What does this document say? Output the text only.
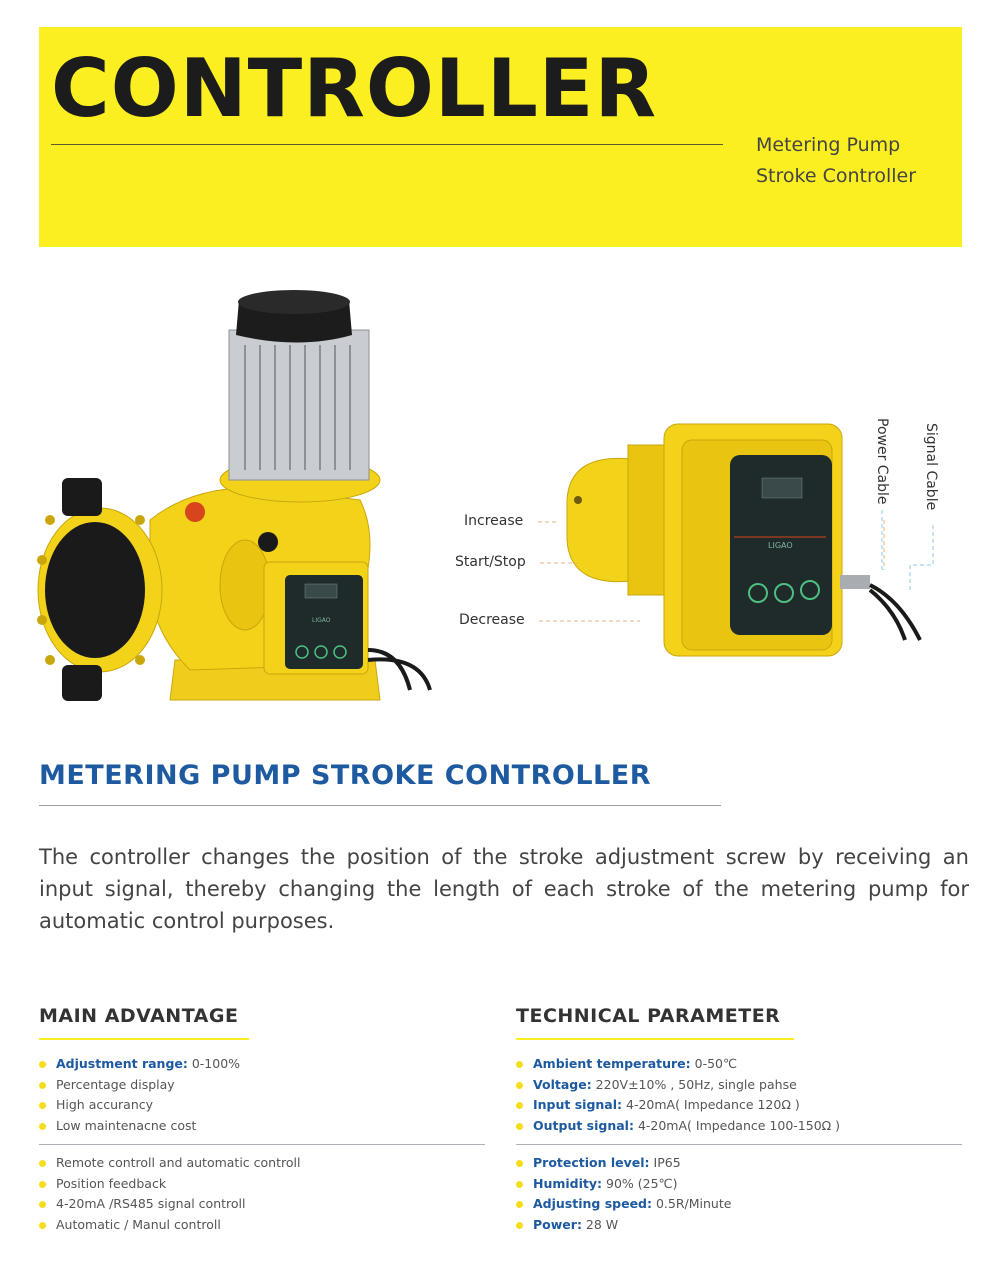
CONTROLLER
Metering Pump
Stroke Controller
LIGAO
LIGAO
Increase
Start/Stop
Decrease
Power Cable Signal Cable
METERING PUMP STROKE CONTROLLER
The controller changes the position of the stroke adjustment screw by receiving an input signal, thereby changing the length of each stroke of the metering pump for automatic control purposes.
MAIN ADVANTAGE
Adjustment range: 0-100%
Percentage display
High accurancy
Low maintenacne cost
Remote controll and automatic controll
Position feedback
4-20mA /RS485 signal controll
Automatic / Manul controll
TECHNICAL PARAMETER
Ambient temperature: 0-50℃
Voltage: 220V±10% , 50Hz, single pahse
Input signal: 4-20mA( Impedance 120Ω )
Output signal: 4-20mA( Impedance 100-150Ω )
Protection level: IP65
Humidity: 90% (25℃)
Adjusting speed: 0.5R/Minute
Power: 28 W
